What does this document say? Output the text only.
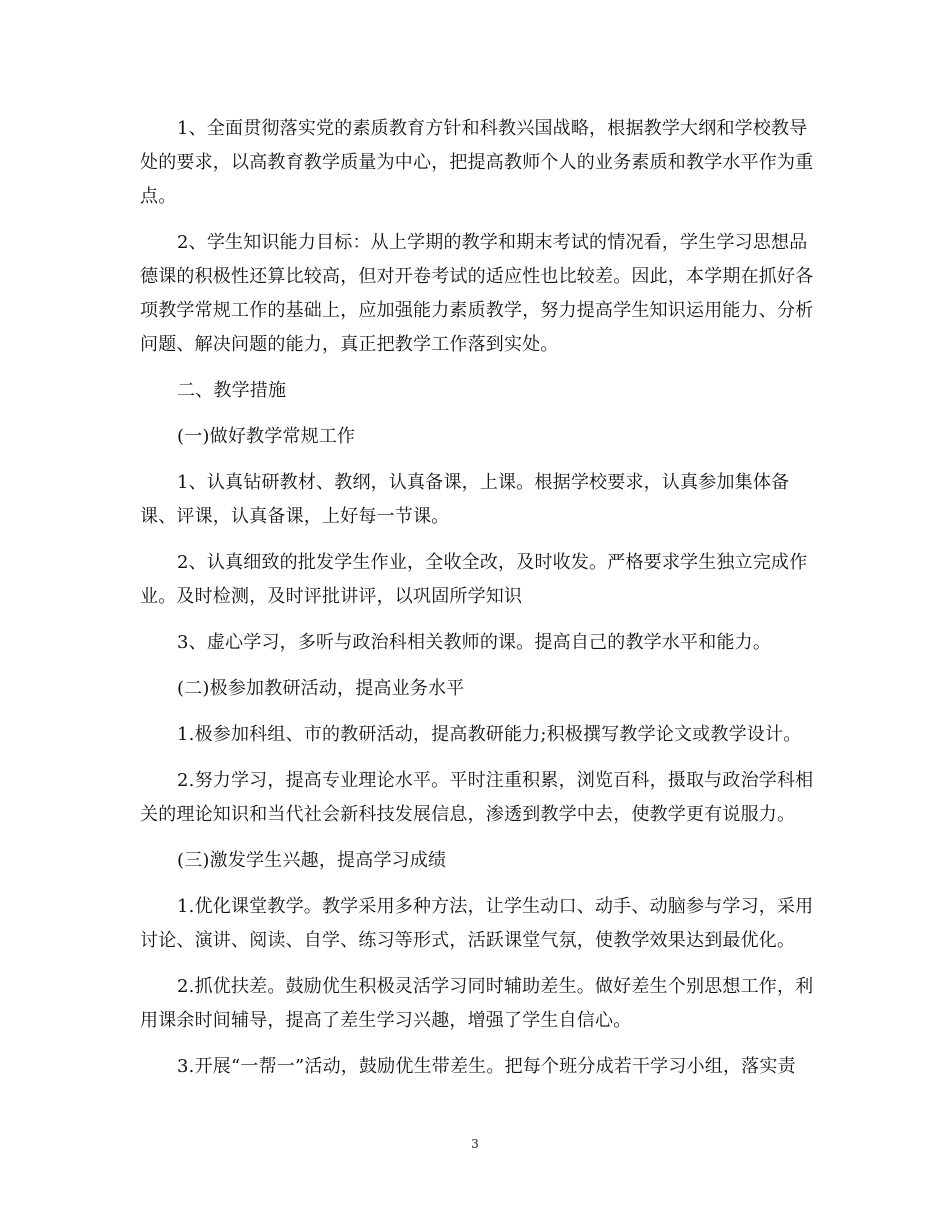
1、全面贯彻落实党的素质教育方针和科教兴国战略，根据教学大纲和学校教导处的要求，以高教育教学质量为中心，把提高教师个人的业务素质和教学水平作为重点。

2、学生知识能力目标：从上学期的教学和期末考试的情况看，学生学习思想品德课的积极性还算比较高，但对开卷考试的适应性也比较差。因此，本学期在抓好各项教学常规工作的基础上，应加强能力素质教学，努力提高学生知识运用能力、分析问题、解决问题的能力，真正把教学工作落到实处。

二、教学措施

(一)做好教学常规工作

1、认真钻研教材、教纲，认真备课，上课。根据学校要求，认真参加集体备课、评课，认真备课，上好每一节课。

2、认真细致的批发学生作业，全收全改，及时收发。严格要求学生独立完成作业。及时检测，及时评批讲评，以巩固所学知识

3、虚心学习，多听与政治科相关教师的课。提高自己的教学水平和能力。

(二)极参加教研活动，提高业务水平

1.极参加科组、市的教研活动，提高教研能力;积极撰写教学论文或教学设计。

2.努力学习，提高专业理论水平。平时注重积累，浏览百科，摄取与政治学科相关的理论知识和当代社会新科技发展信息，渗透到教学中去，使教学更有说服力。

(三)激发学生兴趣，提高学习成绩

1.优化课堂教学。教学采用多种方法，让学生动口、动手、动脑参与学习，采用讨论、演讲、阅读、自学、练习等形式，活跃课堂气氛，使教学效果达到最优化。

2.抓优扶差。鼓励优生积极灵活学习同时辅助差生。做好差生个别思想工作，利用课余时间辅导，提高了差生学习兴趣，增强了学生自信心。

3.开展“一帮一”活动，鼓励优生带差生。把每个班分成若干学习小组，落实责

3
